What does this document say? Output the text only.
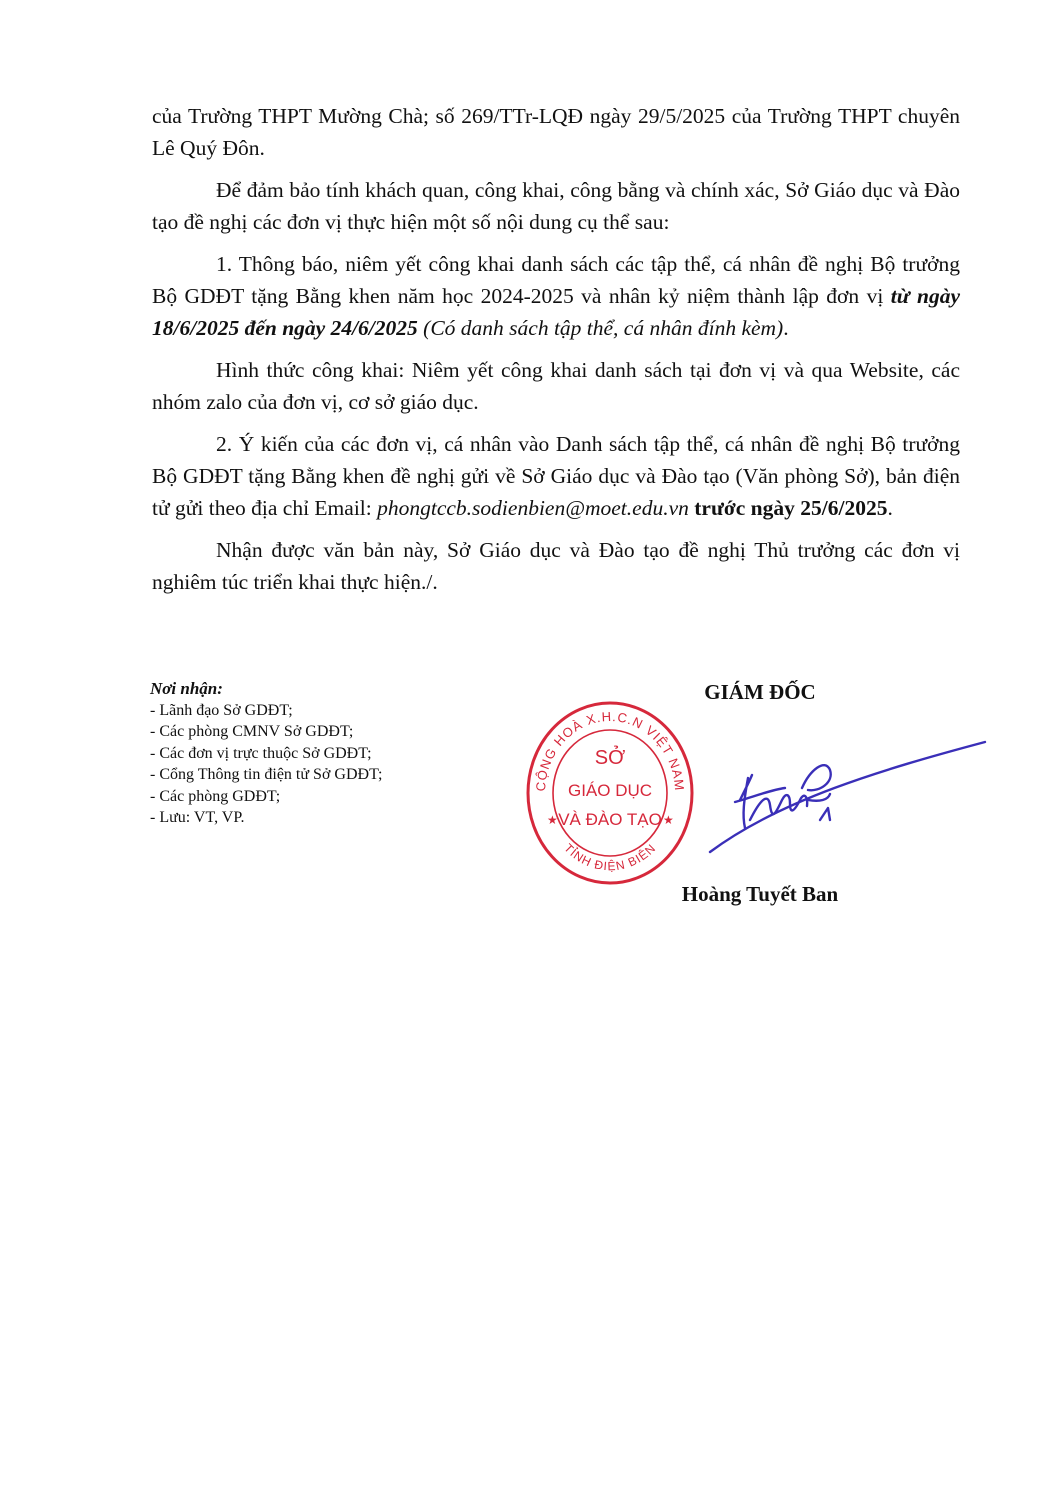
của Trường THPT Mường Chà; số 269/TTr-LQĐ ngày 29/5/2025 của Trường THPT chuyên Lê Quý Đôn.

Để đảm bảo tính khách quan, công khai, công bằng và chính xác, Sở Giáo dục và Đào tạo đề nghị các đơn vị thực hiện một số nội dung cụ thể sau:

1. Thông báo, niêm yết công khai danh sách các tập thể, cá nhân đề nghị Bộ trưởng Bộ GDĐT tặng Bằng khen năm học 2024-2025 và nhân kỷ niệm thành lập đơn vị từ ngày 18/6/2025 đến ngày 24/6/2025 (Có danh sách tập thể, cá nhân đính kèm).

Hình thức công khai: Niêm yết công khai danh sách tại đơn vị và qua Website, các nhóm zalo của đơn vị, cơ sở giáo dục.

2. Ý kiến của các đơn vị, cá nhân vào Danh sách tập thể, cá nhân đề nghị Bộ trưởng Bộ GDĐT tặng Bằng khen đề nghị gửi về Sở Giáo dục và Đào tạo (Văn phòng Sở), bản điện tử gửi theo địa chỉ Email: phongtccb.sodienbien@moet.edu.vn trước ngày 25/6/2025.

Nhận được văn bản này, Sở Giáo dục và Đào tạo đề nghị Thủ trưởng các đơn vị nghiêm túc triển khai thực hiện./.

Nơi nhận:
- Lãnh đạo Sở GDĐT;
- Các phòng CMNV Sở GDĐT;
- Các đơn vị trực thuộc Sở GDĐT;
- Cổng Thông tin điện tử Sở GDĐT;
- Các phòng GDĐT;
- Lưu: VT, VP.
GIÁM ĐỐC
CỘNG HOÀ X.H.C.N VIỆT NAM
TỈNH ĐIỆN BIÊN
SỞ
GIÁO DỤC
VÀ ĐÀO TẠO
★	★
Hoàng Tuyết Ban
